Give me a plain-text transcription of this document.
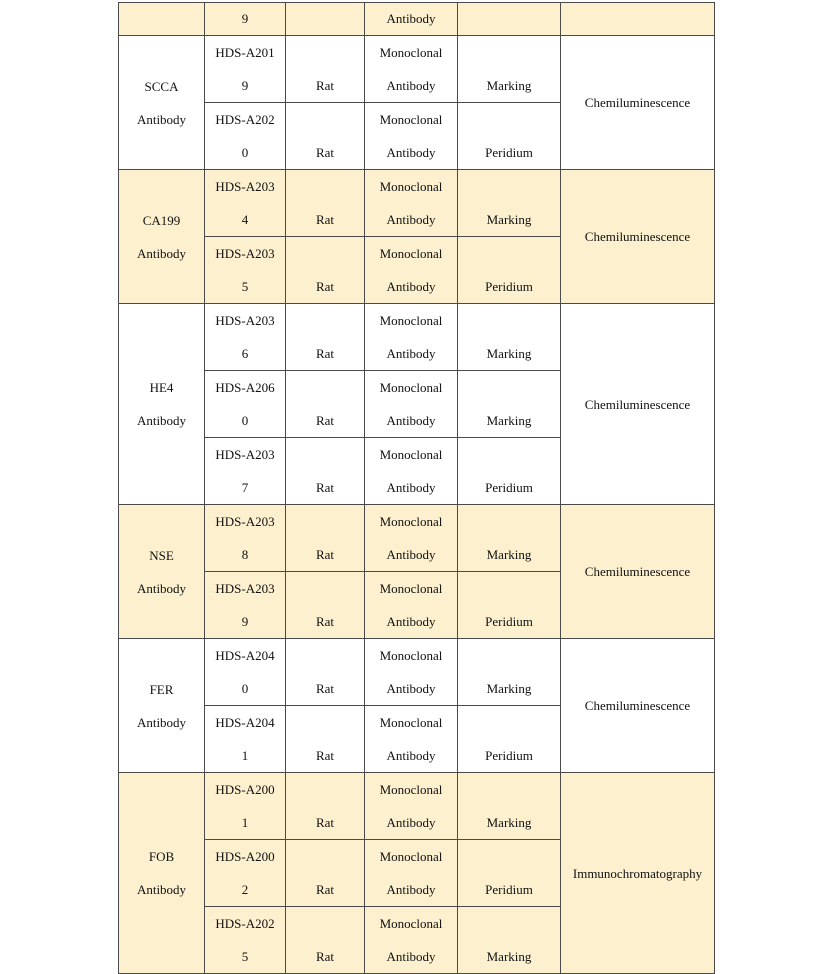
	9		Antibody		

SCCA
Antibody	HDS-A201
9	Rat	Monoclonal
Antibody	Marking	Chemiluminescence

	HDS-A202
0	Rat	Monoclonal
Antibody	Peridium	

CA199
Antibody	HDS-A203
4	Rat	Monoclonal
Antibody	Marking	Chemiluminescence

	HDS-A203
5	Rat	Monoclonal
Antibody	Peridium	

HE4
Antibody	HDS-A203
6	Rat	Monoclonal
Antibody	Marking	Chemiluminescence

	HDS-A206
0	Rat	Monoclonal
Antibody	Marking	

	HDS-A203
7	Rat	Monoclonal
Antibody	Peridium	

NSE
Antibody	HDS-A203
8	Rat	Monoclonal
Antibody	Marking	Chemiluminescence

	HDS-A203
9	Rat	Monoclonal
Antibody	Peridium	

FER
Antibody	HDS-A204
0	Rat	Monoclonal
Antibody	Marking	Chemiluminescence

	HDS-A204
1	Rat	Monoclonal
Antibody	Peridium	

FOB
Antibody	HDS-A200
1	Rat	Monoclonal
Antibody	Marking	Immunochromatography

	HDS-A200
2	Rat	Monoclonal
Antibody	Peridium	

	HDS-A202
5	Rat	Monoclonal
Antibody	Marking	
